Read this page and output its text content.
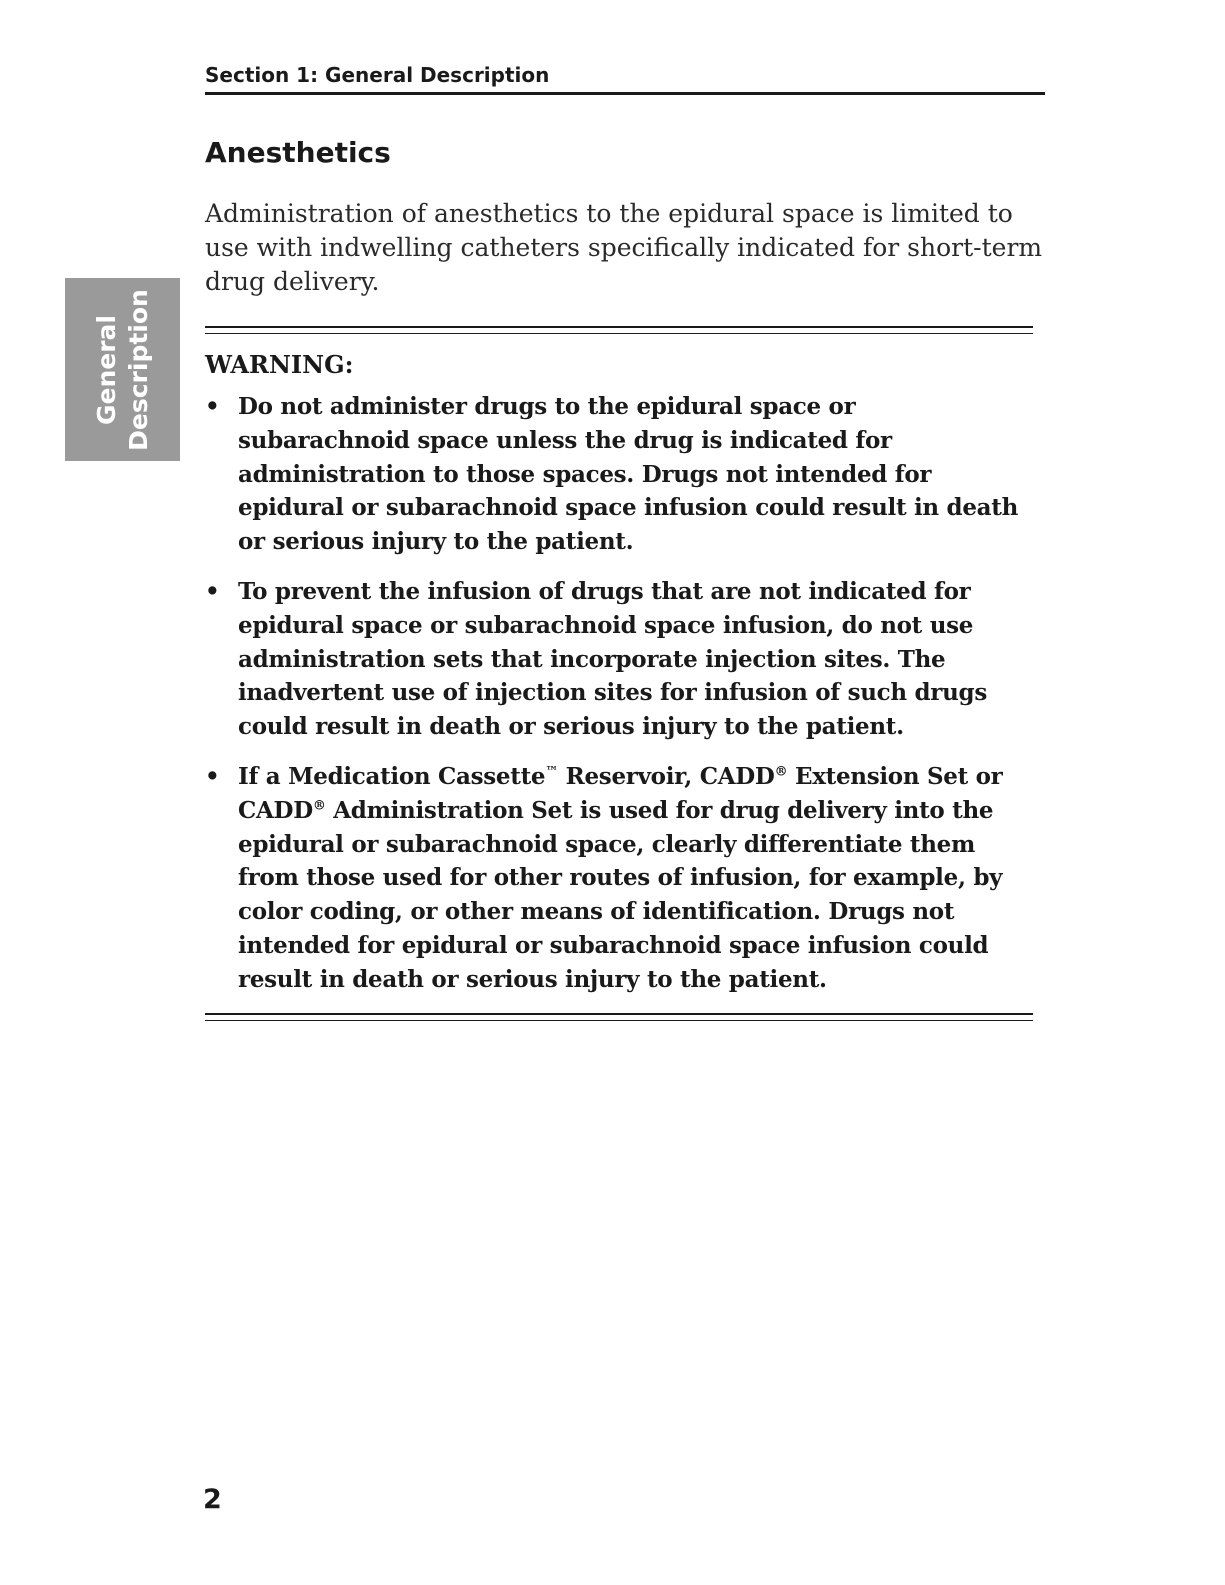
Section 1: General Description
General Description
Anesthetics

Administration of anesthetics to the epidural space is limited to use with indwelling catheters specifically indicated for short-term drug delivery.

WARNING:
• Do not administer drugs to the epidural space or subarachnoid space unless the drug is indicated for administration to those spaces. Drugs not intended for epidural or subarachnoid space infusion could result in death or serious injury to the patient.
• To prevent the infusion of drugs that are not indicated for epidural space or subarachnoid space infusion, do not use administration sets that incorporate injection sites. The inadvertent use of injection sites for infusion of such drugs could result in death or serious injury to the patient.
• If a Medication Cassette™ Reservoir, CADD® Extension Set or CADD® Administration Set is used for drug delivery into the epidural or subarachnoid space, clearly differentiate them from those used for other routes of infusion, for example, by color coding, or other means of identification. Drugs not intended for epidural or subarachnoid space infusion could result in death or serious injury to the patient.
2
